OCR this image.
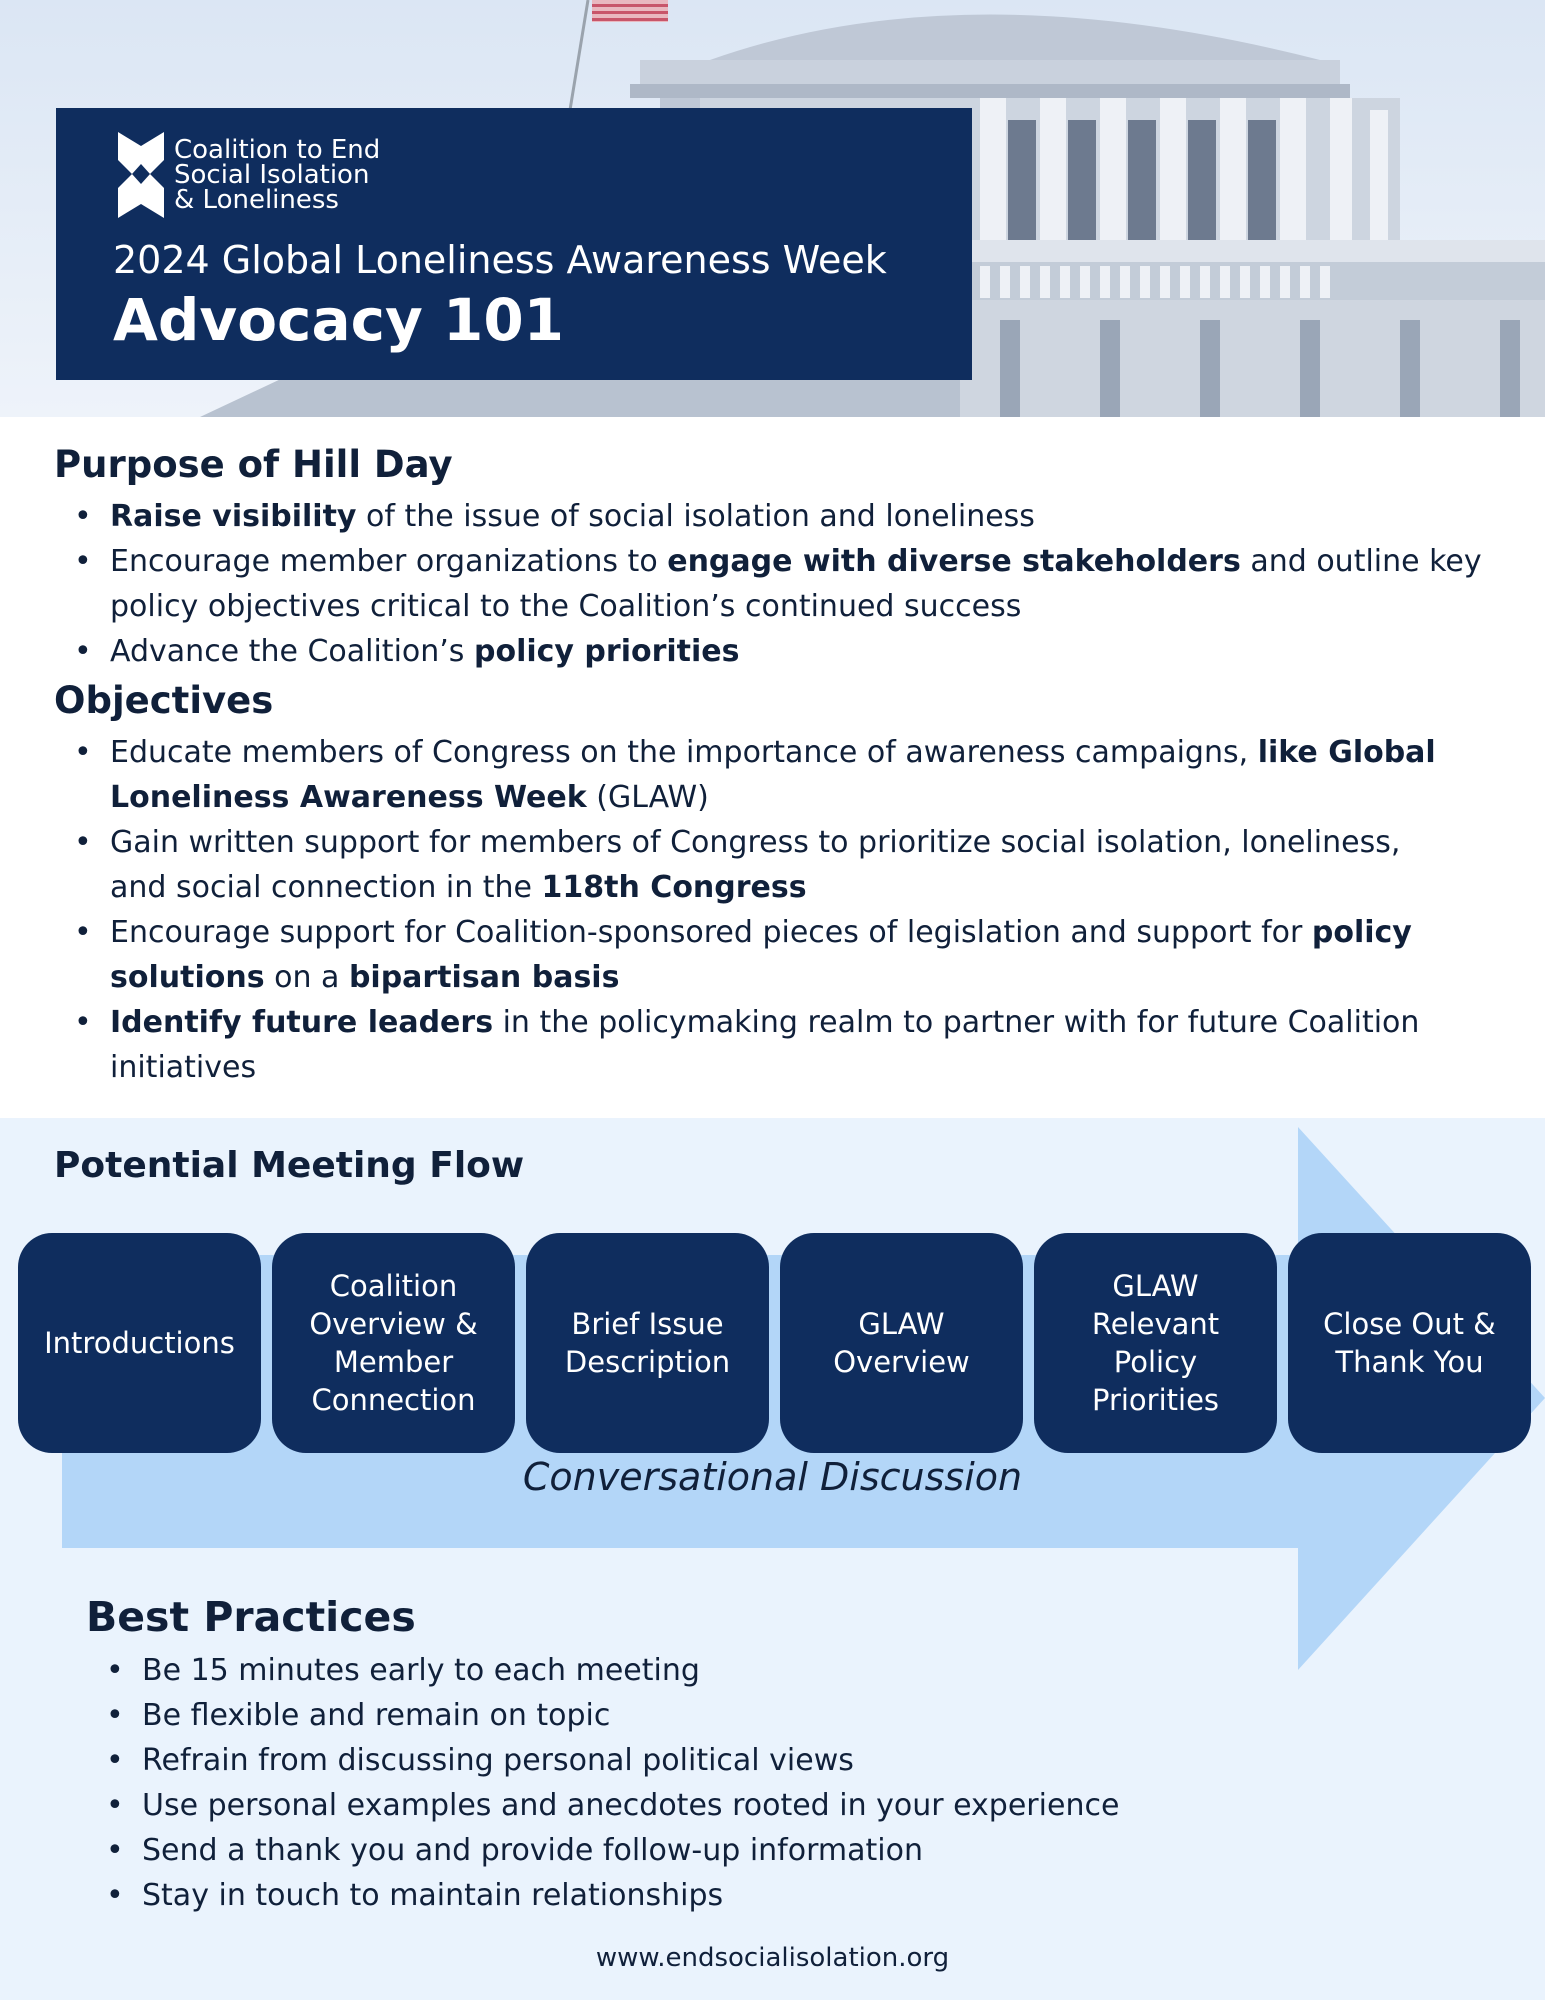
Coalition to End
Social Isolation
& Loneliness
2024 Global Loneliness Awareness Week
Advocacy 101
Purpose of Hill Day
• Raise visibility of the issue of social isolation and loneliness
• Encourage member organizations to engage with diverse stakeholders and outline key policy objectives critical to the Coalition’s continued success
• Advance the Coalition’s policy priorities
Objectives
• Educate members of Congress on the importance of awareness campaigns, like Global Loneliness Awareness Week (GLAW)
• Gain written support for members of Congress to prioritize social isolation, loneliness, and social connection in the 118th Congress
• Encourage support for Coalition-sponsored pieces of legislation and support for policy solutions on a bipartisan basis
• Identify future leaders in the policymaking realm to partner with for future Coalition initiatives
Potential Meeting Flow
Introductions
Coalition Overview & Member Connection
Brief Issue Description
GLAW Overview
GLAW Relevant Policy Priorities
Close Out & Thank You
Conversational Discussion
Best Practices
• Be 15 minutes early to each meeting
• Be flexible and remain on topic
• Refrain from discussing personal political views
• Use personal examples and anecdotes rooted in your experience
• Send a thank you and provide follow-up information
• Stay in touch to maintain relationships
www.endsocialisolation.org
